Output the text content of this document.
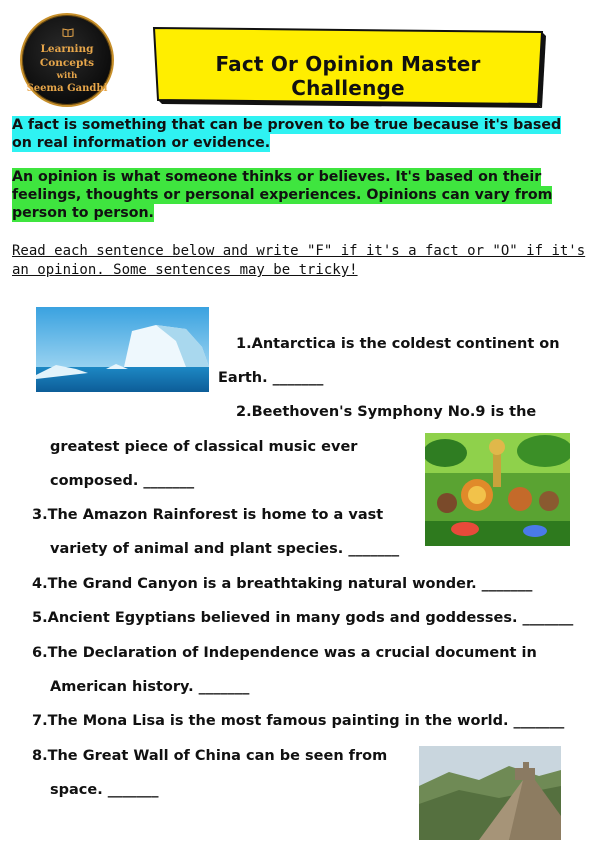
Learning
Concepts
with
Seema Gandhi
Fact Or Opinion Master Challenge
A fact is something that can be proven to be true because it's based on real information or evidence.
An opinion is what someone thinks or believes. It's based on their feelings, thoughts or personal experiences. Opinions can vary from person to person.
Read each sentence below and write "F" if it's a fact or "O" if it's an opinion. Some sentences may be tricky!
1.Antarctica is the coldest continent on
Earth. _______
2.Beethoven's Symphony No.9 is the
greatest piece of classical music ever
composed. _______
3.The Amazon Rainforest is home to a vast
variety of animal and plant species. _______
4.The Grand Canyon is a breathtaking natural wonder. _______
5.Ancient Egyptians believed in many gods and goddesses. _______
6.The Declaration of Independence was a crucial document in
American history. _______
7.The Mona Lisa is the most famous painting in the world. _______
8.The Great Wall of China can be seen from
space. _______
